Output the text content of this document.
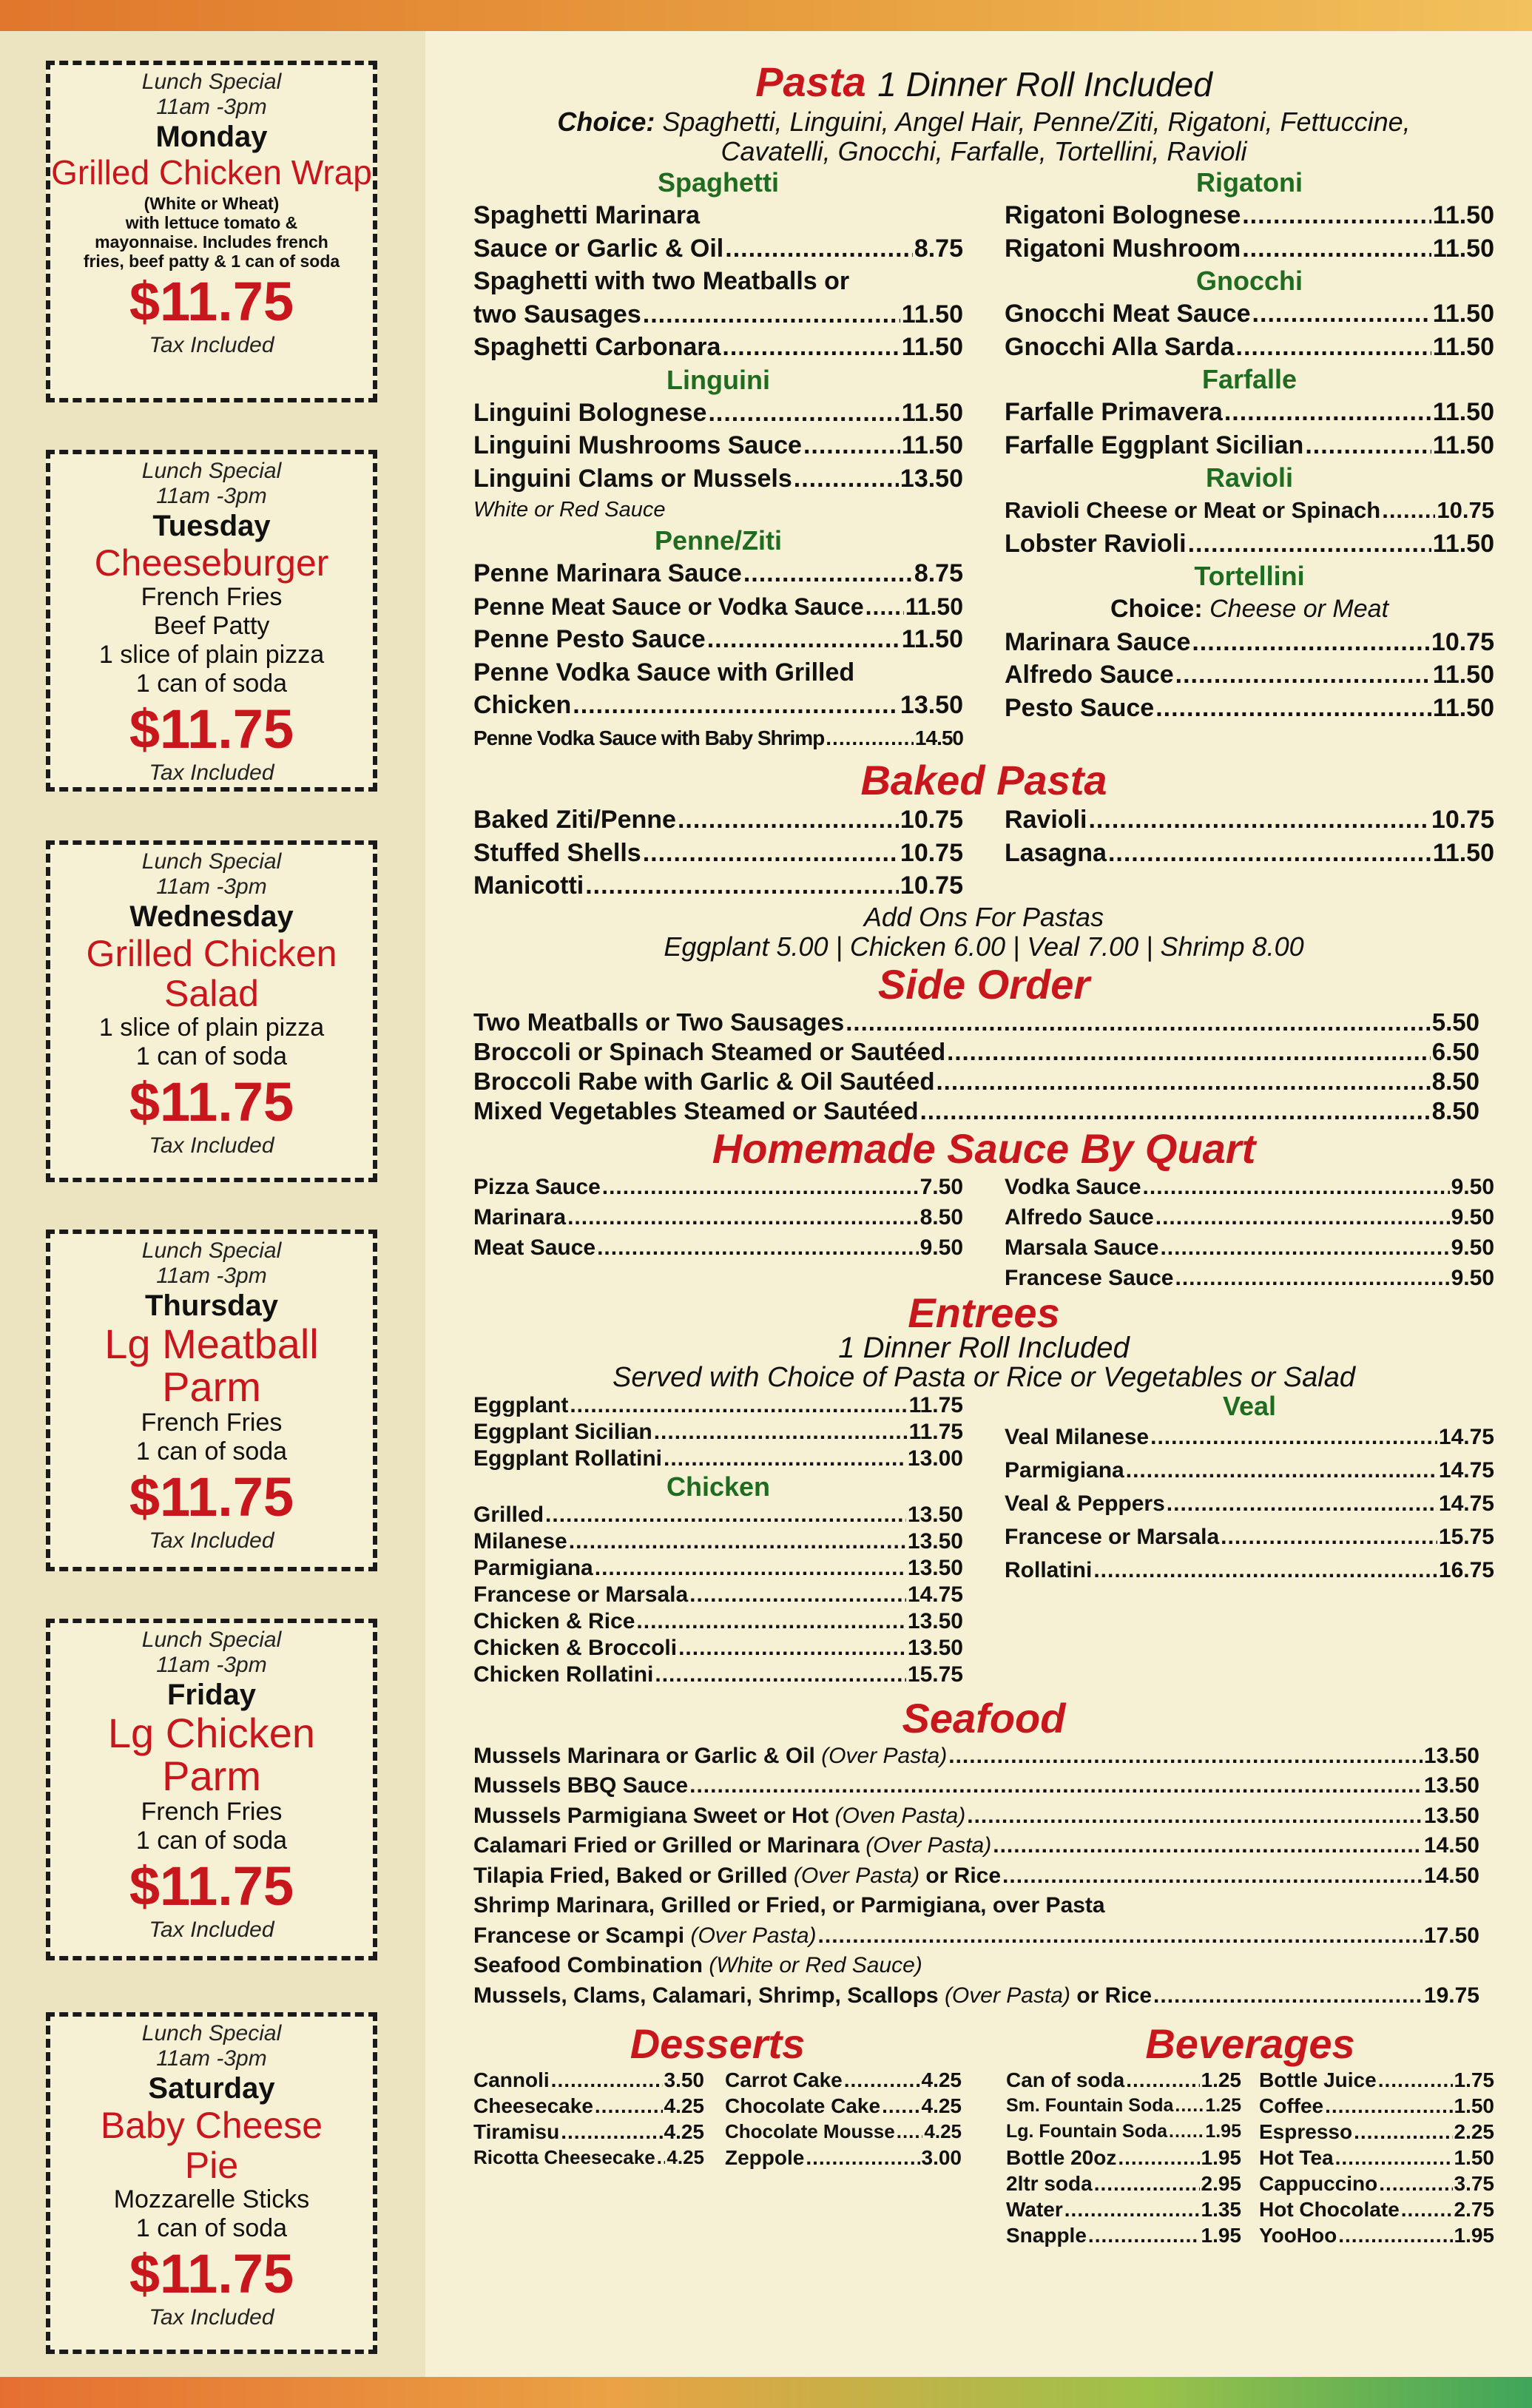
Lunch Special
11am -3pm
Monday
Grilled Chicken Wrap
(White or Wheat)
with lettuce tomato &
mayonnaise. Includes french
fries, beef patty & 1 can of soda
$11.75
Tax Included
Lunch Special
11am -3pm
Tuesday
Cheeseburger
French Fries
Beef Patty
1 slice of plain pizza
1 can of soda
$11.75
Tax Included
Lunch Special
11am -3pm
Wednesday
Grilled Chicken Salad
1 slice of plain pizza
1 can of soda
$11.75
Tax Included
Lunch Special
11am -3pm
Thursday
Lg Meatball Parm
French Fries
1 can of soda
$11.75
Tax Included
Lunch Special
11am -3pm
Friday
Lg Chicken Parm
French Fries
1 can of soda
$11.75
Tax Included
Lunch Special
11am -3pm
Saturday
Baby Cheese Pie
Mozzarelle Sticks
1 can of soda
$11.75
Tax Included
Pasta 1 Dinner Roll Included
Choice: Spaghetti, Linguini, Angel Hair, Penne/Ziti, Rigatoni, Fettuccine,
Cavatelli, Gnocchi, Farfalle, Tortellini, Ravioli
Spaghetti
Spaghetti Marinara
Sauce or Garlic & Oil .....	8.75
Spaghetti with two Meatballs or
two Sausages .....	11.50
Spaghetti Carbonara .....	11.50
Linguini
Linguini Bolognese .....	11.50
Linguini Mushrooms Sauce .....	11.50
Linguini Clams or Mussels .....	13.50
White or Red Sauce
Penne/Ziti
Penne Marinara Sauce .....	8.75
Penne Meat Sauce or Vodka Sauce ..... 11.50
Penne Pesto Sauce .....	11.50
Penne Vodka Sauce with Grilled
Chicken .....	13.50
Penne Vodka Sauce with Baby Shrimp .....	14.50
Rigatoni
Rigatoni Bolognese .....	11.50
Rigatoni Mushroom .....	11.50
Gnocchi
Gnocchi Meat Sauce .....	11.50
Gnocchi Alla Sarda .....	11.50
Farfalle
Farfalle Primavera .....	11.50
Farfalle Eggplant Sicilian .....	11.50
Ravioli
Ravioli Cheese or Meat or Spinach ..... 10.75
Lobster Ravioli .....	11.50
Tortellini
Choice: Cheese or Meat
Marinara Sauce .....	10.75
Alfredo Sauce .....	11.50
Pesto Sauce .....	11.50
Baked Pasta
Baked Ziti/Penne .....	10.75
Stuffed Shells .....	10.75
Manicotti .....	10.75
Ravioli .....	10.75
Lasagna .....	11.50
Add Ons For Pastas
Eggplant 5.00 | Chicken 6.00 | Veal 7.00 | Shrimp 8.00
Side Order
Two Meatballs or Two Sausages .....	5.50
Broccoli or Spinach Steamed or Sautéed .....	6.50
Broccoli Rabe with Garlic & Oil Sautéed .....	8.50
Mixed Vegetables Steamed or Sautéed .....	8.50
Homemade Sauce By Quart
Pizza Sauce .....	7.50
Marinara .....	8.50
Meat Sauce .....	9.50
Vodka Sauce .....	9.50
Alfredo Sauce .....	9.50
Marsala Sauce .....	9.50
Francese Sauce .....	9.50
Entrees
1 Dinner Roll Included
Served with Choice of Pasta or Rice or Vegetables or Salad
Eggplant .....	11.75
Eggplant Sicilian .....	11.75
Eggplant Rollatini .....	13.00
Chicken
Grilled .....	13.50
Milanese .....	13.50
Parmigiana .....	13.50
Francese or Marsala .....	14.75
Chicken & Rice .....	13.50
Chicken & Broccoli .....	13.50
Chicken Rollatini .....	15.75
Veal
Veal Milanese .....	14.75
Parmigiana .....	14.75
Veal & Peppers .....	14.75
Francese or Marsala .....	15.75
Rollatini .....	16.75
Seafood
Mussels Marinara or Garlic & Oil (Over Pasta) .....	13.50
Mussels BBQ Sauce .....	13.50
Mussels Parmigiana Sweet or Hot (Oven Pasta) .....	13.50
Calamari Fried or Grilled or Marinara (Over Pasta) .....	14.50
Tilapia Fried, Baked or Grilled (Over Pasta) or Rice .....	14.50
Shrimp Marinara, Grilled or Fried, or Parmigiana, over Pasta
Francese or Scampi (Over Pasta) .....	17.50
Seafood Combination (White or Red Sauce)
Mussels, Clams, Calamari, Shrimp, Scallops (Over Pasta) or Rice .....	19.75
Desserts
Cannoli .....	3.50
Cheesecake .....	4.25
Tiramisu .....	4.25
Ricotta Cheesecake ..... 4.25
Carrot Cake .....	4.25
Chocolate Cake ..... 4.25
Chocolate Mousse ..... 4.25
Zeppole .....	3.00
Beverages
Can of soda .....	1.25
Sm. Fountain Soda ..... 1.25
Lg. Fountain Soda ..... 1.95
Bottle 20oz .....	1.95
2ltr soda .....	2.95
Water .....	1.35
Snapple .....	1.95
Bottle Juice .....	1.75
Coffee .....	1.50
Espresso .....	2.25
Hot Tea .....	1.50
Cappuccino .....	3.75
Hot Chocolate .....	2.75
YooHoo .....	1.95
